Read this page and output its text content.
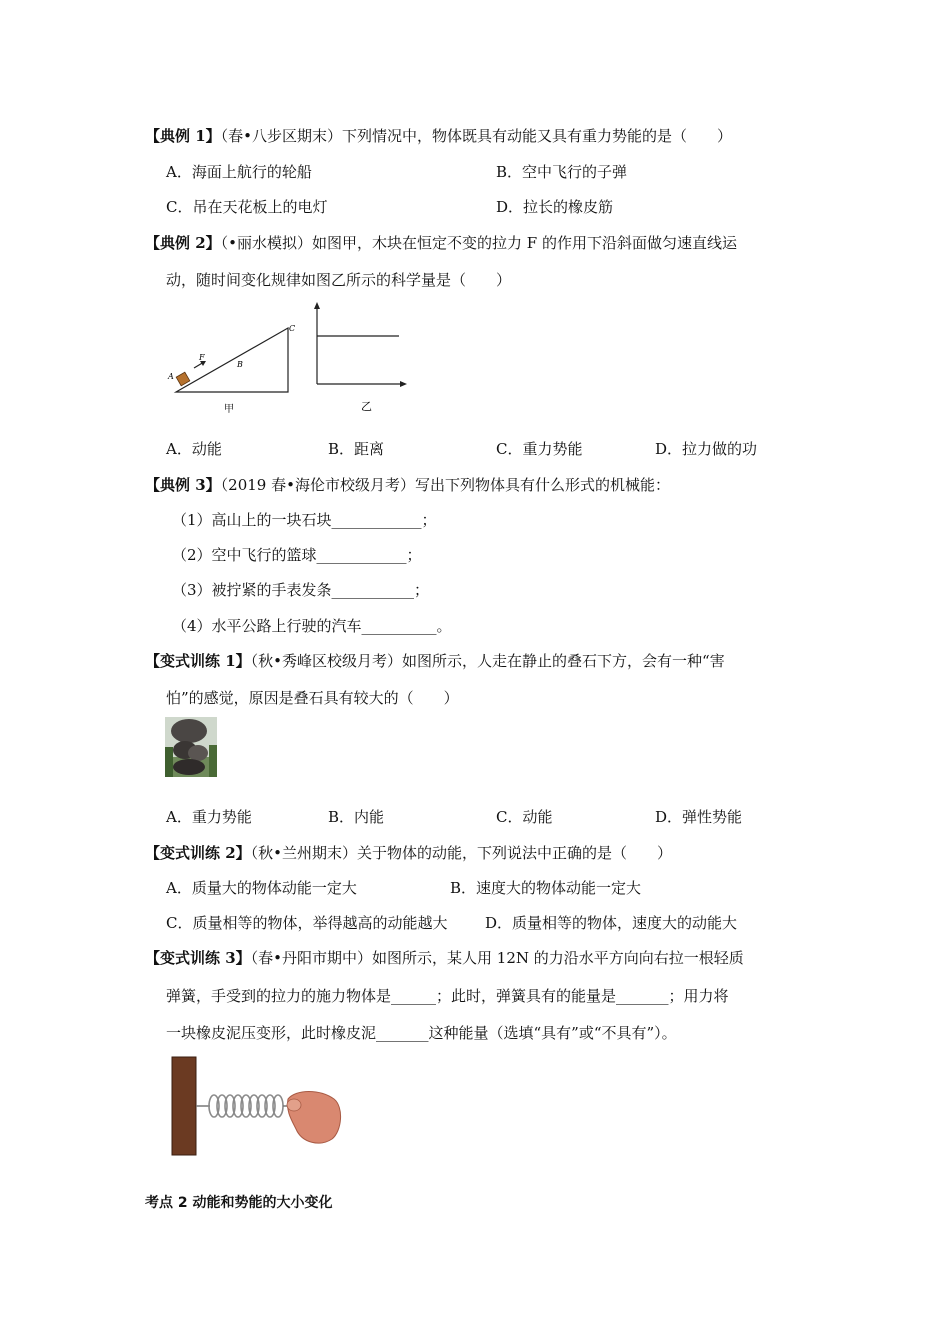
【典例 1】（春•八步区期末）下列情况中，物体既具有动能又具有重力势能的是（　　）
A．海面上航行的轮船	B．空中飞行的子弹
C．吊在天花板上的电灯	D．拉长的橡皮筋
【典例 2】（•丽水模拟）如图甲，木块在恒定不变的拉力 F 的作用下沿斜面做匀速直线运
动，随时间变化规律如图乙所示的科学量是（　　）
A
B
C
F
甲	乙
A．动能	B．距离	C．重力势能	D．拉力做的功
【典例 3】（2019 春•海伦市校级月考）写出下列物体具有什么形式的机械能：
（1）高山上的一块石块____________；
（2）空中飞行的篮球____________；
（3）被拧紧的手表发条___________；
（4）水平公路上行驶的汽车__________。
【变式训练 1】（秋•秀峰区校级月考）如图所示，人走在静止的叠石下方，会有一种“害
怕”的感觉，原因是叠石具有较大的（　　）
A．重力势能	B．内能	C．动能	D．弹性势能
【变式训练 2】（秋•兰州期末）关于物体的动能，下列说法中正确的是（　　）
A．质量大的物体动能一定大	B．速度大的物体动能一定大
C．质量相等的物体，举得越高的动能越大	D．质量相等的物体，速度大的动能大
【变式训练 3】（春•丹阳市期中）如图所示，某人用 12N 的力沿水平方向向右拉一根轻质
弹簧，手受到的拉力的施力物体是______；此时，弹簧具有的能量是_______；用力将
一块橡皮泥压变形，此时橡皮泥_______这种能量（选填“具有”或“不具有”）。
考点 2 动能和势能的大小变化
